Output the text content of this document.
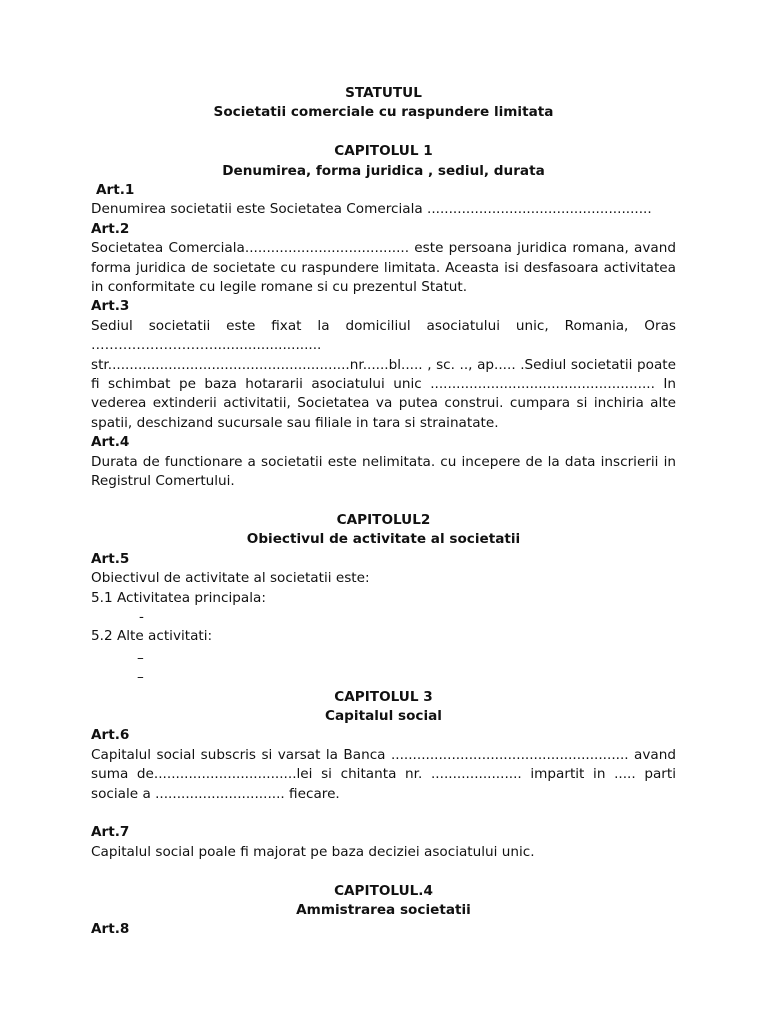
STATUTUL
Societatii comerciale cu raspundere limitata
CAPITOLUL 1
Denumirea, forma juridica , sediul, durata

Art.1

Denumirea societatii este Societatea Comerciala ....................................................

Art.2

Societatea Comerciala...................................... este persoana juridica romana, avand forma juridica de societate cu raspundere limitata. Aceasta isi desfasoara activitatea in conformitate cu legile romane si cu prezentul Statut.

Art.3

Sediul societatii este fixat la domiciliul asociatului unic, Romania, Oras

……………………….........................

str........................................................nr......bl..... , sc. .., ap..... .Sediul societatii poate fi schimbat pe baza hotararii asociatului unic .................................................... In vederea extinderii activitatii, Societatea va putea construi. cumpara si inchiria alte spatii, deschizand sucursale sau filiale in tara si strainatate.

Art.4

Durata de functionare a societatii este nelimitata. cu incepere de la data inscrierii in Registrul Comertului.

CAPITOLUL2
Obiectivul de activitate al societatii

Art.5

Obiectivul de activitate al societatii este:

5.1 Activitatea principala:

-

5.2 Alte activitati:

–

–

CAPITOLUL 3
Capitalul social

Art.6

Capitalul social subscris si varsat la Banca ....................................................... avand suma de.................................lei si chitanta nr. ..................... impartit in ..... parti sociale a .............................. fiecare.

Art.7

Capitalul social poale fi majorat pe baza deciziei asociatului unic.

CAPITOLUL.4
Ammistrarea societatii

Art.8
